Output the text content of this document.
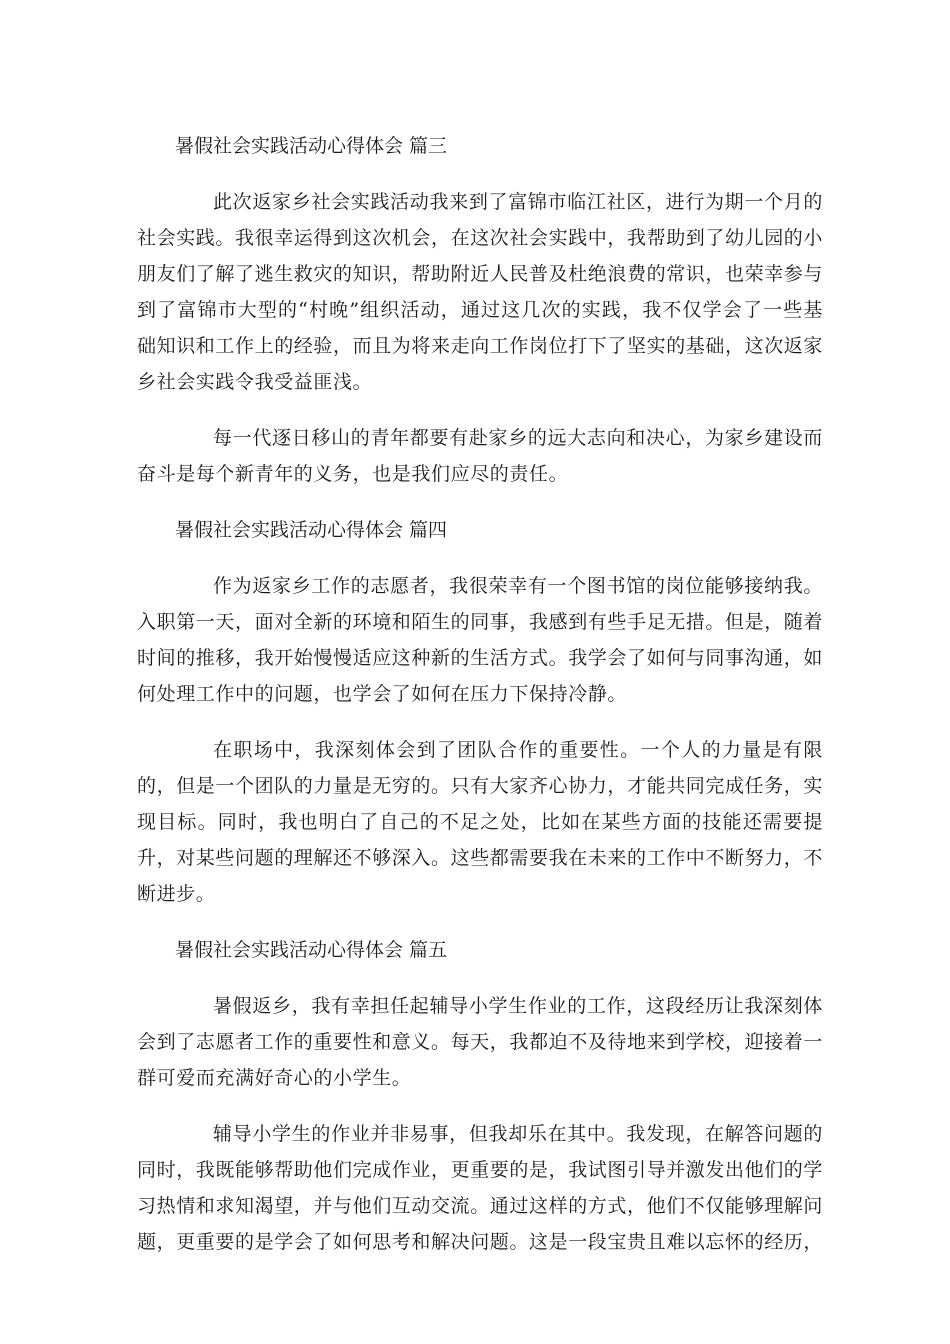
暑假社会实践活动心得体会 篇三

此次返家乡社会实践活动我来到了富锦市临江社区，进行为期一个月的社会实践。我很幸运得到这次机会，在这次社会实践中，我帮助到了幼儿园的小朋友们了解了逃生救灾的知识，帮助附近人民普及杜绝浪费的常识，也荣幸参与到了富锦市大型的“村晚”组织活动，通过这几次的实践，我不仅学会了一些基础知识和工作上的经验，而且为将来走向工作岗位打下了坚实的基础，这次返家乡社会实践令我受益匪浅。

每一代逐日移山的青年都要有赴家乡的远大志向和决心，为家乡建设而奋斗是每个新青年的义务，也是我们应尽的责任。

暑假社会实践活动心得体会 篇四

作为返家乡工作的志愿者，我很荣幸有一个图书馆的岗位能够接纳我。入职第一天，面对全新的环境和陌生的同事，我感到有些手足无措。但是，随着时间的推移，我开始慢慢适应这种新的生活方式。我学会了如何与同事沟通，如何处理工作中的问题，也学会了如何在压力下保持冷静。

在职场中，我深刻体会到了团队合作的重要性。一个人的力量是有限的，但是一个团队的力量是无穷的。只有大家齐心协力，才能共同完成任务，实现目标。同时，我也明白了自己的不足之处，比如在某些方面的技能还需要提升，对某些问题的理解还不够深入。这些都需要我在未来的工作中不断努力，不断进步。

暑假社会实践活动心得体会 篇五

暑假返乡，我有幸担任起辅导小学生作业的工作，这段经历让我深刻体会到了志愿者工作的重要性和意义。每天，我都迫不及待地来到学校，迎接着一群可爱而充满好奇心的小学生。

辅导小学生的作业并非易事，但我却乐在其中。我发现，在解答问题的同时，我既能够帮助他们完成作业，更重要的是，我试图引导并激发出他们的学习热情和求知渴望，并与他们互动交流。通过这样的方式，他们不仅能够理解问题，更重要的是学会了如何思考和解决问题。这是一段宝贵且难以忘怀的经历，
